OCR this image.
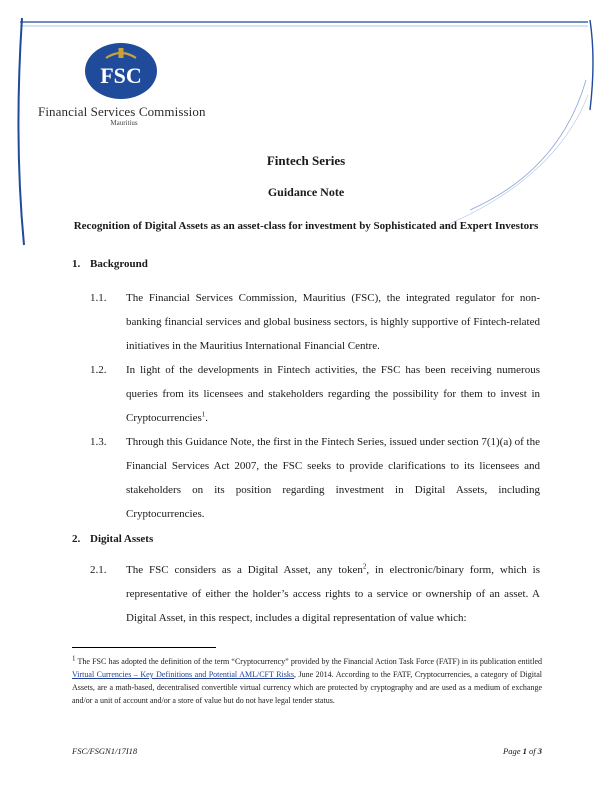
FSC
Financial Services Commission
Mauritius
Fintech Series
Guidance Note
Recognition of Digital Assets as an asset-class for investment by Sophisticated and Expert Investors
1. Background
1.1. The Financial Services Commission, Mauritius (FSC), the integrated regulator for non-banking financial services and global business sectors, is highly supportive of Fintech-related initiatives in the Mauritius International Financial Centre.
1.2. In light of the developments in Fintech activities, the FSC has been receiving numerous queries from its licensees and stakeholders regarding the possibility for them to invest in Cryptocurrencies$^1$.
1.3. Through this Guidance Note, the first in the Fintech Series, issued under section 7(1)(a) of the Financial Services Act 2007, the FSC seeks to provide clarifications to its licensees and stakeholders on its position regarding investment in Digital Assets, including Cryptocurrencies.
2. Digital Assets
2.1. The FSC considers as a Digital Asset, any token$^2$, in electronic/binary form, which is representative of either the holder’s access rights to a service or ownership of an asset. A Digital Asset, in this respect, includes a digital representation of value which:
$^1$ The FSC has adopted the definition of the term “Cryptocurrency” provided by the Financial Action Task Force (FATF) in its publication entitled Virtual Currencies – Key Definitions and Potential AML/CFT Risks, June 2014. According to the FATF, Cryptocurrencies, a category of Digital Assets, are a math-based, decentralised convertible virtual currency which are protected by cryptography and are used as a medium of exchange and/or a unit of account and/or a store of value but do not have legal tender status.
FSC/FSGN1/17I18	Page 1 of 3
